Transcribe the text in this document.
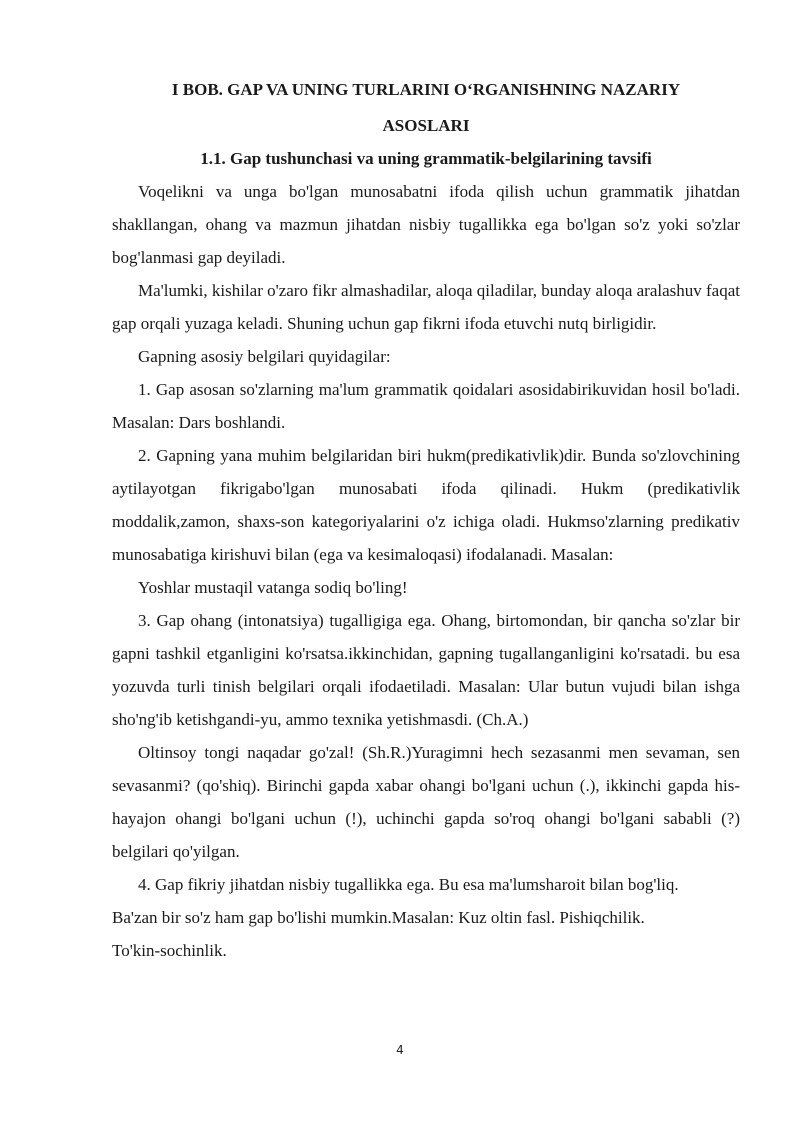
I BOB. GAP VA UNING TURLARINI O‘RGANISHNING NAZARIY
ASOSLARI
1.1. Gap tushunchasi va uning grammatik-belgilarining tavsifi

Voqelikni va unga bo'lgan munosabatni ifoda qilish uchun grammatik jihatdan shakllangan, ohang va mazmun jihatdan nisbiy tugallikka ega bo'lgan so'z yoki so'zlar bog'lanmasi gap deyiladi.

Ma'lumki, kishilar o'zaro fikr almashadilar, aloqa qiladilar, bunday aloqa aralashuv faqat gap orqali yuzaga keladi. Shuning uchun gap fikrni ifoda etuvchi nutq birligidir.

Gapning asosiy belgilari quyidagilar:

1. Gap asosan so'zlarning ma'lum grammatik qoidalari asosidabirikuvidan hosil bo'ladi. Masalan: Dars boshlandi.

2. Gapning yana muhim belgilaridan biri hukm(predikativlik)dir. Bunda so'zlovchining aytilayotgan fikrigabo'lgan munosabati ifoda qilinadi. Hukm (predikativlik moddalik,zamon, shaxs-son kategoriyalarini o'z ichiga oladi. Hukmso'zlarning predikativ munosabatiga kirishuvi bilan (ega va kesimaloqasi) ifodalanadi. Masalan:

Yoshlar mustaqil vatanga sodiq bo'ling!

3. Gap ohang (intonatsiya) tugalligiga ega. Ohang, birtomondan, bir qancha so'zlar bir gapni tashkil etganligini ko'rsatsa.ikkinchidan, gapning tugallanganligini ko'rsatadi. bu esa yozuvda turli tinish belgilari orqali ifodaetiladi. Masalan: Ular butun vujudi bilan ishga sho'ng'ib ketishgandi-yu, ammo texnika yetishmasdi. (Ch.A.)

Oltinsoy tongi naqadar go'zal! (Sh.R.)Yuragimni hech sezasanmi men sevaman, sen sevasanmi? (qo'shiq). Birinchi gapda xabar ohangi bo'lgani uchun (.), ikkinchi gapda his-hayajon ohangi bo'lgani uchun (!), uchinchi gapda so'roq ohangi bo'lgani sababli (?) belgilari qo'yilgan.

4. Gap fikriy jihatdan nisbiy tugallikka ega. Bu esa ma'lumsharoit bilan bog'liq.

Ba'zan bir so'z ham gap bo'lishi mumkin.Masalan: Kuz oltin fasl. Pishiqchilik.

To'kin-sochinlik.

4
